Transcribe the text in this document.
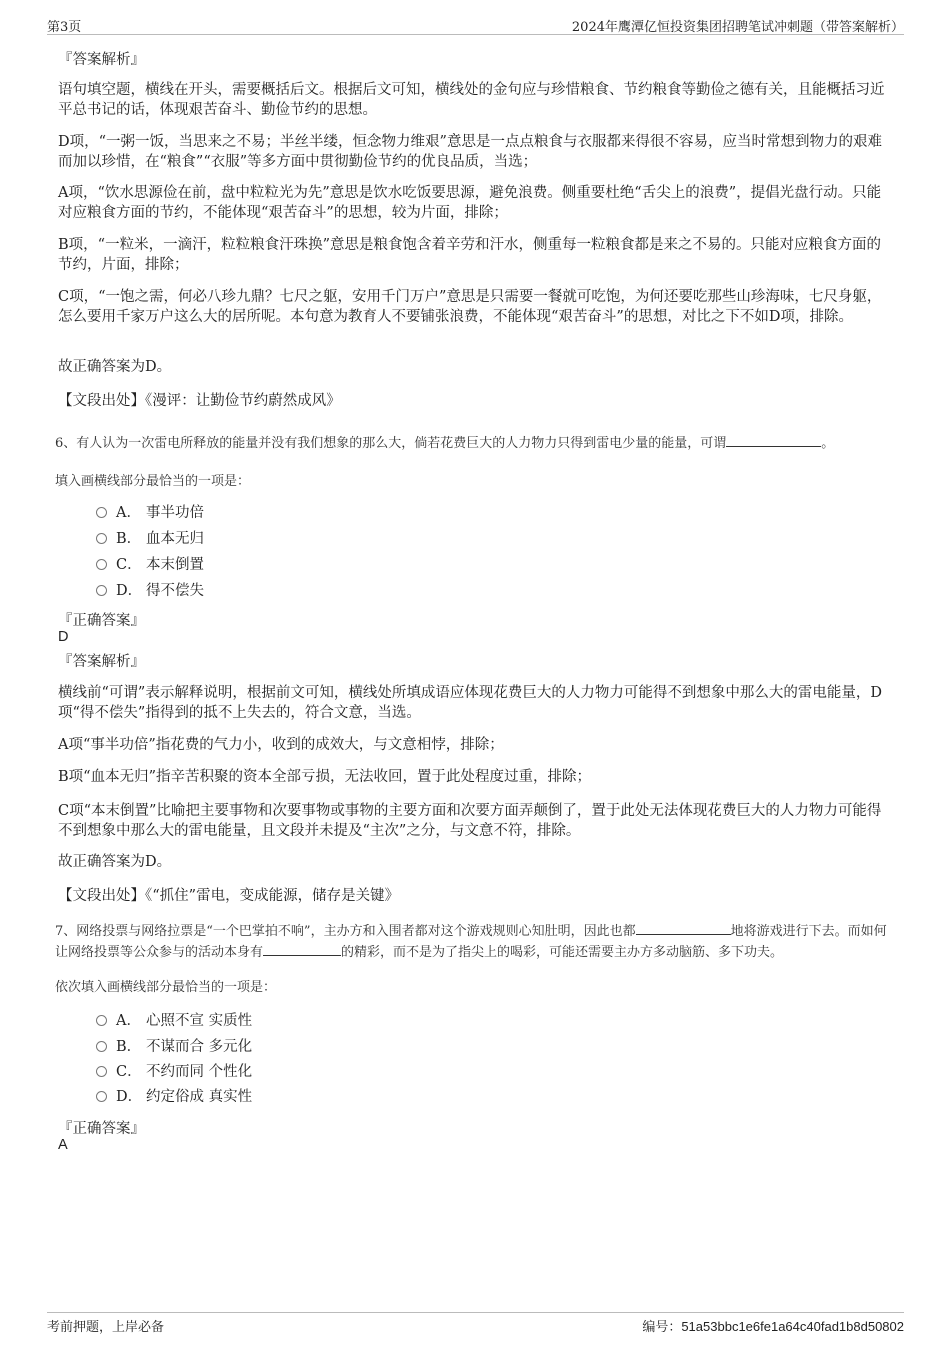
第3页	2024年鹰潭亿恒投资集团招聘笔试冲刺题（带答案解析）
『答案解析』
语句填空题，横线在开头，需要概括后文。根据后文可知，横线处的金句应与珍惜粮食、节约粮食等勤俭之德有关，且能概括习近平总书记的话，体现艰苦奋斗、勤俭节约的思想。
D项，“一粥一饭，当思来之不易；半丝半缕，恒念物力维艰”意思是一点点粮食与衣服都来得很不容易，应当时常想到物力的艰难而加以珍惜，在“粮食”“衣服”等多方面中贯彻勤俭节约的优良品质，当选；
A项，“饮水思源俭在前，盘中粒粒光为先”意思是饮水吃饭要思源，避免浪费。侧重要杜绝“舌尖上的浪费”，提倡光盘行动。只能对应粮食方面的节约，不能体现“艰苦奋斗”的思想，较为片面，排除；
B项，“一粒米，一滴汗，粒粒粮食汗珠换”意思是粮食饱含着辛劳和汗水，侧重每一粒粮食都是来之不易的。只能对应粮食方面的节约，片面，排除；
C项，“一饱之需，何必八珍九鼎？七尺之躯，安用千门万户”意思是只需要一餐就可吃饱，为何还要吃那些山珍海味，七尺身躯，怎么要用千家万户这么大的居所呢。本句意为教育人不要铺张浪费，不能体现“艰苦奋斗”的思想，对比之下不如D项，排除。
故正确答案为D。
【文段出处】《漫评：让勤俭节约蔚然成风》
6、有人认为一次雷电所释放的能量并没有我们想象的那么大，倘若花费巨大的人力物力只得到雷电少量的能量，可谓	。
填入画横线部分最恰当的一项是：
A． 事半功倍
B． 血本无归
C． 本末倒置
D． 得不偿失
『正确答案』
D
『答案解析』
横线前“可谓”表示解释说明，根据前文可知，横线处所填成语应体现花费巨大的人力物力可能得不到想象中那么大的雷电能量，D项“得不偿失”指得到的抵不上失去的，符合文意，当选。
A项“事半功倍”指花费的气力小，收到的成效大，与文意相悖，排除；
B项“血本无归”指辛苦积聚的资本全部亏损，无法收回，置于此处程度过重，排除；
C项“本末倒置”比喻把主要事物和次要事物或事物的主要方面和次要方面弄颠倒了，置于此处无法体现花费巨大的人力物力可能得不到想象中那么大的雷电能量，且文段并未提及“主次”之分，与文意不符，排除。
故正确答案为D。
【文段出处】《“抓住”雷电，变成能源，储存是关键》
7、网络投票与网络拉票是“一个巴掌拍不响”，主办方和入围者都对这个游戏规则心知肚明，因此也都	地将游戏进行下去。而如何让网络投票等公众参与的活动本身有	的精彩，而不是为了指尖上的喝彩，可能还需要主办方多动脑筋、多下功夫。
依次填入画横线部分最恰当的一项是：
A． 心照不宣 实质性
B． 不谋而合 多元化
C． 不约而同 个性化
D． 约定俗成 真实性
『正确答案』
A
考前押题，上岸必备	编号：51a53bbc1e6fe1a64c40fad1b8d50802
